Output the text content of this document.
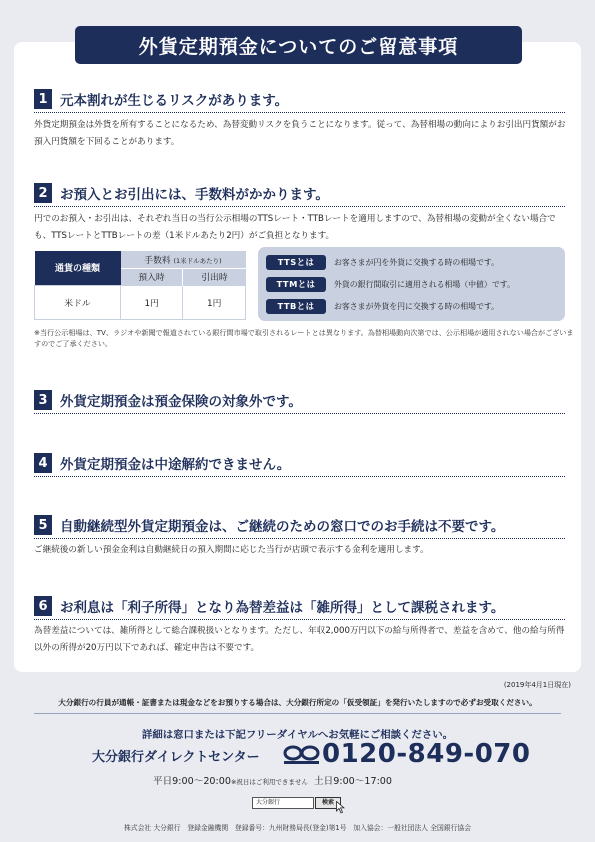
外貨定期預金についてのご留意事項
1 元本割れが生じるリスクがあります。
外貨定期預金は外貨を所有することになるため、為替変動リスクを負うことになります。従って、為替相場の動向によりお引出円貨額がお預入円貨額を下回ることがあります。
2 お預入とお引出には、手数料がかかります。
円でのお預入・お引出は、それぞれ当日の当行公示相場のTTSレート・TTBレートを適用しますので、為替相場の変動が全くない場合でも、TTSレートとTTBレートの差（1米ドルあたり2円）がご負担となります。
通貨の種類	手数料 (1米ドルあたり)	
	預入時	引出時
米ドル	1円	1円
TTSとは	お客さまが円を外貨に交換する時の相場です。
TTMとは	外貨の銀行間取引に適用される相場（中値）です。
TTBとは	お客さまが外貨を円に交換する時の相場です。
※当行公示相場は、TV、ラジオや新聞で報道されている銀行間市場で取引されるレートとは異なります。為替相場動向次第では、公示相場が適用されない場合がございますのでご了承ください。
3 外貨定期預金は預金保険の対象外です。
4 外貨定期預金は中途解約できません。
5 自動継続型外貨定期預金は、ご継続のための窓口でのお手続は不要です。
ご継続後の新しい預金金利は自動継続日の預入期間に応じた当行が店頭で表示する金利を適用します。
6 お利息は「利子所得」となり為替差益は「雑所得」として課税されます。
為替差益については、雑所得として総合課税扱いとなります。ただし、年収2,000万円以下の給与所得者で、差益を含めて、他の給与所得以外の所得が20万円以下であれば、確定申告は不要です。
(2019年4月1日現在)
大分銀行の行員が通帳・証書または現金などをお預りする場合は、大分銀行所定の「仮受領証」を発行いたしますので必ずお受取ください。
詳細は窓口または下記フリーダイヤルへお気軽にご相談ください。
大分銀行ダイレクトセンター 0120-849-070
平日9:00～20:00※祝日はご利用できません 土日9:00～17:00
大分銀行	検索
株式会社 大分銀行　登録金融機関　登録番号：九州財務局長(登金)第1号　加入協会：一般社団法人 全国銀行協会
